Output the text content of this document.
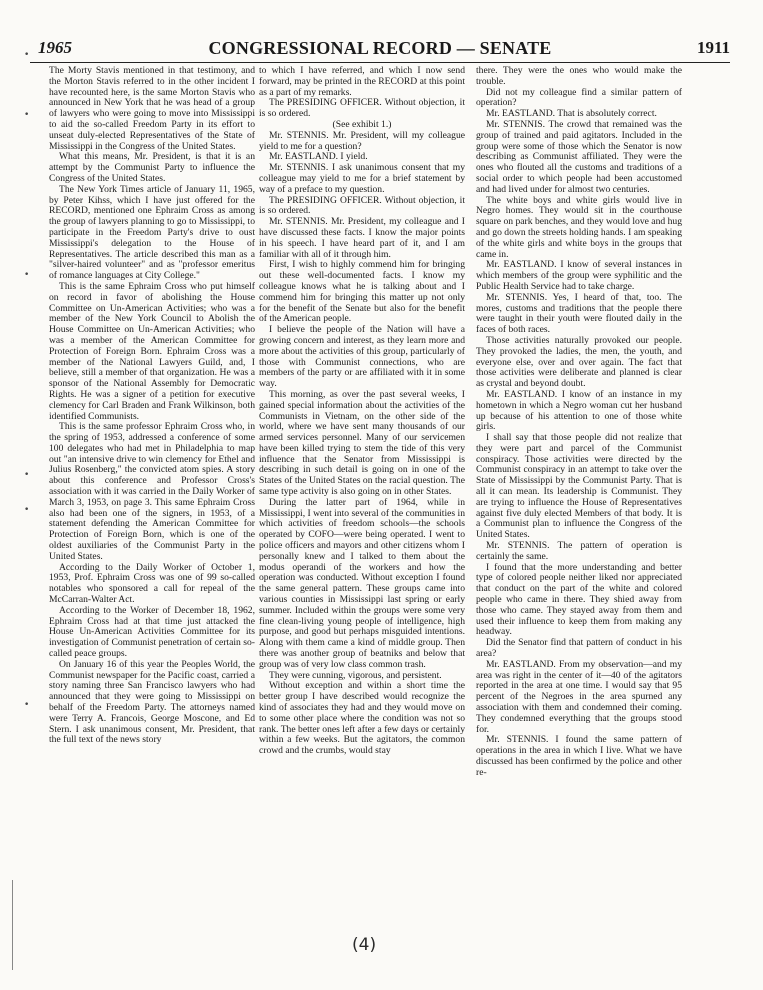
1965	CONGRESSIONAL RECORD — SENATE	1911
•
•
•
•
•
•

The Morty Stavis mentioned in that testimony, and the Morton Stavis referred to in the other incident I have recounted here, is the same Morton Stavis who announced in New York that he was head of a group of lawyers who were going to move into Mississippi to aid the so-called Freedom Party in its effort to unseat duly-elected Representatives of the State of Mississippi in the Congress of the United States.

What this means, Mr. President, is that it is an attempt by the Communist Party to influence the Congress of the United States.

The New York Times article of January 11, 1965, by Peter Kihss, which I have just offered for the RECORD, mentioned one Ephraim Cross as among the group of lawyers planning to go to Mississippi, to participate in the Freedom Party's drive to oust Mississippi's delegation to the House of Representatives. The article described this man as a "silver-haired volunteer" and as "professor emeritus of romance languages at City College."

This is the same Ephraim Cross who put himself on record in favor of abolishing the House Committee on Un-American Activities; who was a member of the New York Council to Abolish the House Committee on Un-American Activities; who was a member of the American Committee for Protection of Foreign Born. Ephraim Cross was a member of the National Lawyers Guild, and, I believe, still a member of that organization. He was a sponsor of the National Assembly for Democratic Rights. He was a signer of a petition for executive clemency for Carl Braden and Frank Wilkinson, both identified Communists.

This is the same professor Ephraim Cross who, in the spring of 1953, addressed a conference of some 100 delegates who had met in Philadelphia to map out "an intensive drive to win clemency for Ethel and Julius Rosenberg," the convicted atom spies. A story about this conference and Professor Cross's association with it was carried in the Daily Worker of March 3, 1953, on page 3. This same Ephraim Cross also had been one of the signers, in 1953, of a statement defending the American Committee for Protection of Foreign Born, which is one of the oldest auxiliaries of the Communist Party in the United States.

According to the Daily Worker of October 1, 1953, Prof. Ephraim Cross was one of 99 so-called notables who sponsored a call for repeal of the McCarran-Walter Act.

According to the Worker of December 18, 1962, Ephraim Cross had at that time just attacked the House Un-American Activities Committee for its investigation of Communist penetration of certain so-called peace groups.

On January 16 of this year the Peoples World, the Communist newspaper for the Pacific coast, carried a story naming three San Francisco lawyers who had announced that they were going to Mississippi on behalf of the Freedom Party. The attorneys named were Terry A. Francois, George Moscone, and Ed Stern. I ask unanimous consent, Mr. President, that the full text of the news story

to which I have referred, and which I now send forward, may be printed in the RECORD at this point as a part of my remarks.

The PRESIDING OFFICER. Without objection, it is so ordered.

(See exhibit 1.)

Mr. STENNIS. Mr. President, will my colleague yield to me for a question?

Mr. EASTLAND. I yield.

Mr. STENNIS. I ask unanimous consent that my colleague may yield to me for a brief statement by way of a preface to my question.

The PRESIDING OFFICER. Without objection, it is so ordered.

Mr. STENNIS. Mr. President, my colleague and I have discussed these facts. I know the major points in his speech. I have heard part of it, and I am familiar with all of it through him.

First, I wish to highly commend him for bringing out these well-documented facts. I know my colleague knows what he is talking about and I commend him for bringing this matter up not only for the benefit of the Senate but also for the benefit of the American people.

I believe the people of the Nation will have a growing concern and interest, as they learn more and more about the activities of this group, particularly of those with Communist connections, who are members of the party or are affiliated with it in some way.

This morning, as over the past several weeks, I gained special information about the activities of the Communists in Vietnam, on the other side of the world, where we have sent many thousands of our armed services personnel. Many of our servicemen have been killed trying to stem the tide of this very influence that the Senator from Mississippi is describing in such detail is going on in one of the States of the United States on the racial question. The same type activity is also going on in other States.

During the latter part of 1964, while in Mississippi, I went into several of the communities in which activities of freedom schools—the schools operated by COFO—were being operated. I went to police officers and mayors and other citizens whom I personally knew and I talked to them about the modus operandi of the workers and how the operation was conducted. Without exception I found the same general pattern. These groups came into various counties in Mississippi last spring or early summer. Included within the groups were some very fine clean-living young people of intelligence, high purpose, and good but perhaps misguided intentions. Along with them came a kind of middle group. Then there was another group of beatniks and below that group was of very low class common trash.

They were cunning, vigorous, and persistent.

Without exception and within a short time the better group I have described would recognize the kind of associates they had and they would move on to some other place where the condition was not so rank. The better ones left after a few days or certainly within a few weeks. But the agitators, the common crowd and the crumbs, would stay

there. They were the ones who would make the trouble.

Did not my colleague find a similar pattern of operation?

Mr. EASTLAND. That is absolutely correct.

Mr. STENNIS. The crowd that remained was the group of trained and paid agitators. Included in the group were some of those which the Senator is now describing as Communist affiliated. They were the ones who flouted all the customs and traditions of a social order to which people had been accustomed and had lived under for almost two centuries.

The white boys and white girls would live in Negro homes. They would sit in the courthouse square on park benches, and they would love and hug and go down the streets holding hands. I am speaking of the white girls and white boys in the groups that came in.

Mr. EASTLAND. I know of several instances in which members of the group were syphilitic and the Public Health Service had to take charge.

Mr. STENNIS. Yes, I heard of that, too. The mores, customs and traditions that the people there were taught in their youth were flouted daily in the faces of both races.

Those activities naturally provoked our people. They provoked the ladies, the men, the youth, and everyone else, over and over again. The fact that those activities were deliberate and planned is clear as crystal and beyond doubt.

Mr. EASTLAND. I know of an instance in my hometown in which a Negro woman cut her husband up because of his attention to one of those white girls.

I shall say that those people did not realize that they were part and parcel of the Communist conspiracy. Those activities were directed by the Communist conspiracy in an attempt to take over the State of Mississippi by the Communist Party. That is all it can mean. Its leadership is Communist. They are trying to influence the House of Representatives against five duly elected Members of that body. It is a Communist plan to influence the Congress of the United States.

Mr. STENNIS. The pattern of operation is certainly the same.

I found that the more understanding and better type of colored people neither liked nor appreciated that conduct on the part of the white and colored people who came in there. They shied away from those who came. They stayed away from them and used their influence to keep them from making any headway.

Did the Senator find that pattern of conduct in his area?

Mr. EASTLAND. From my observation—and my area was right in the center of it—40 of the agitators reported in the area at one time. I would say that 95 percent of the Negroes in the area spurned any association with them and condemned their coming. They condemned everything that the groups stood for.

Mr. STENNIS. I found the same pattern of operations in the area in which I live. What we have discussed has been confirmed by the police and other re-

(4)
